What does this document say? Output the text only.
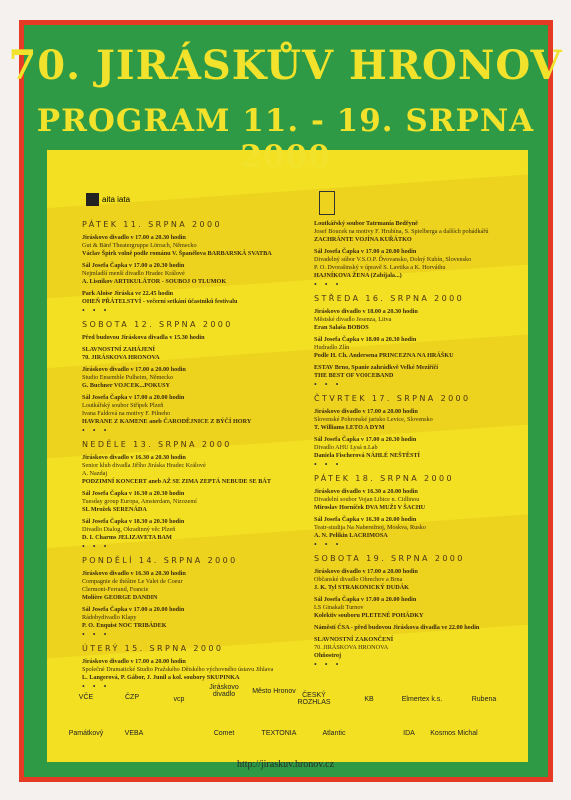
70. JIRÁSKŮV HRONOV
PROGRAM 11. - 19. SRPNA 2000
aita iata
PÁTEK 11. SRPNA 2000

Jiráskovo divadlo v 17.00 a 20.30 hodin

Gut & Bänf Theatergruppe Lörrach, Německo

Václav Špirk volně podle románu V. Španělova BARBARSKÁ SVATBA

Sál Josefa Čapka v 17.00 a 20.30 hodin

Nejmladší menší divadlo Hradec Králové

A. Lisnikov ARTIKULÁTOR - SOUBOJ O TLUMOK

Park Aloise Jiráska ve 22.45 hodin

OHEŇ PŘÁTELSTVÍ - večerní setkání účastníků festivalu

• • •
SOBOTA 12. SRPNA 2000

Před budovou Jiráskova divadla v 15.30 hodin

SLAVNOSTNÍ ZAHÁJENÍ

70. JIRÁSKOVA HRONOVA

Jiráskovo divadlo v 17.00 a 20.00 hodin

Studio Ensemble Pulheim, Německo

G. Buchner VOJCEK...POKUSY

Sál Josefa Čapka v 17.00 a 20.00 hodin

Loutkářský soubor Střípek Plzeň

Ivana Faldová na motivy F. Pilneho

HAVRANE Z KAMENE aneb ČARODĚJNICE Z BÝČÍ HORY

• • •
NEDĚLE 13. SRPNA 2000

Jiráskovo divadlo v 16.30 a 20.30 hodin

Senior klub divadla Jiřího Jiráska Hradec Králové

A. Nazdaj

PODZIMNÍ KONCERT aneb AŽ SE ZIMA ZEPTÁ NEBUDE SE BÁT

Sál Josefa Čapka v 16.30 a 20.30 hodin

Tuesday group Europa, Amsterdam, Nizozemí

SL Mrožek SERENÁDA

Sál Josefa Čapka v 18.30 a 20.30 hodin

Divadlo Dialog, Okradinný věc Plzeň

D. I. Charms JELIZAVETA BAM

• • •
PONDĚLÍ 14. SRPNA 2000

Jiráskovo divadlo v 16.30 a 20.30 hodin

Compagnie de théâtre Le Valet de Coeur

Clermont-Ferrand, Francie

Molière GEORGE DANDIN

Sál Josefa Čapka v 17.00 a 20.00 hodin

Rádobydivadlo Klapy

P. O. Enquist NOC TRIBÁDEK

• • •
ÚTERÝ 15. SRPNA 2000

Jiráskovo divadlo v 17.00 a 20.00 hodin

Společné Dramatické Studio Pražského Dětského výchovného ústavu Jihlava

L. Langerová, P. Gábor, J. Junil a kol. soubory SKUPINKA

• • •

Loutkářský soubor Tatrmanía Bedřyně

Josef Boucek na motivy F. Hrubína, S. Spielberga a dalších pohádkářů

ZACHRÁNTE VOJÍNA KUŘÁTKO

Sál Josefa Čapka v 17.00 a 20.00 hodin

Divadelný súbor V.S.O.P. Ďvovansko, Dolný Kubín, Slovensko

P. O. Dvorašinský v úpravě S. Lavtika a K. Horváthu

HAJNÍKOVA ŽENA (Zabíjala...)

• • •
STŘEDA 16. SRPNA 2000

Jiráskovo divadlo v 18.00 a 20.30 hodin

Městské divadlo Jesenza, Litva

Eran Salaša BOBOS

Sál Josefa Čapka v 18.00 a 20.30 hodin

Hudradlo Zlín

Podle H. Ch. Andersena PRINCEZNA NA HRÁŠKU

ESTAV Brno, Spanie zahrádkvě Velké Meziříčí

THE BEST OF VOICEBAND

• • •
ČTVRTEK 17. SRPNA 2000

Jiráskovo divadlo v 17.00 a 20.00 hodin

Slovenské Pohronské jarisko Levice, Slovensko

T. Williams LETO A DYM

Sál Josefa Čapka v 17.00 a 20.30 hodin

Divadlo AHU Lysá n.Lab

Daniela Fischerová NÁHLÉ NEŠTĚSTÍ

• • •
PÁTEK 18. SRPNA 2000

Jiráskovo divadlo v 16.30 a 20.00 hodin

Divadelní soubor Vojan Libice n. Cidlinou

Miroslav Horníček DVA MUŽI V ŠACHU

Sál Josefa Čapka v 16.30 a 20.00 hodin

Teatr-studija Na Naberežnoj, Moskva, Rusko

A. N. Pelikin LACRIMOSA

• • •
SOBOTA 19. SRPNA 2000

Jiráskovo divadlo v 17.00 a 20.00 hodin

Občanské divadlo Ohrechov a Brna

J. K. Tyl STRAKONICKÝ DUDÁK

Sál Josefa Čapka v 17.00 a 20.00 hodin

LS Ginakalt Turnov

Kolektiv souboru PLETENÉ POHÁDKY

Náměstí ČSA - před budovou Jiráskova divadla ve 22.00 hodin

SLAVNOSTNÍ ZAKONČENÍ

70. JIRÁSKOVA HRONOVA

Ohňostroj

• • •
VČE	ČZP	vcp
Jiráskovo divadlo	Město Hronov
ČESKÝ ROZHLAS	KB	Elmertex k.s.	Rubena
Památkový	VEBA	Comet	TEXTONIA	Atlantic	IDA	Kosmos Michal
http://jiraskuv.hronov.cz
